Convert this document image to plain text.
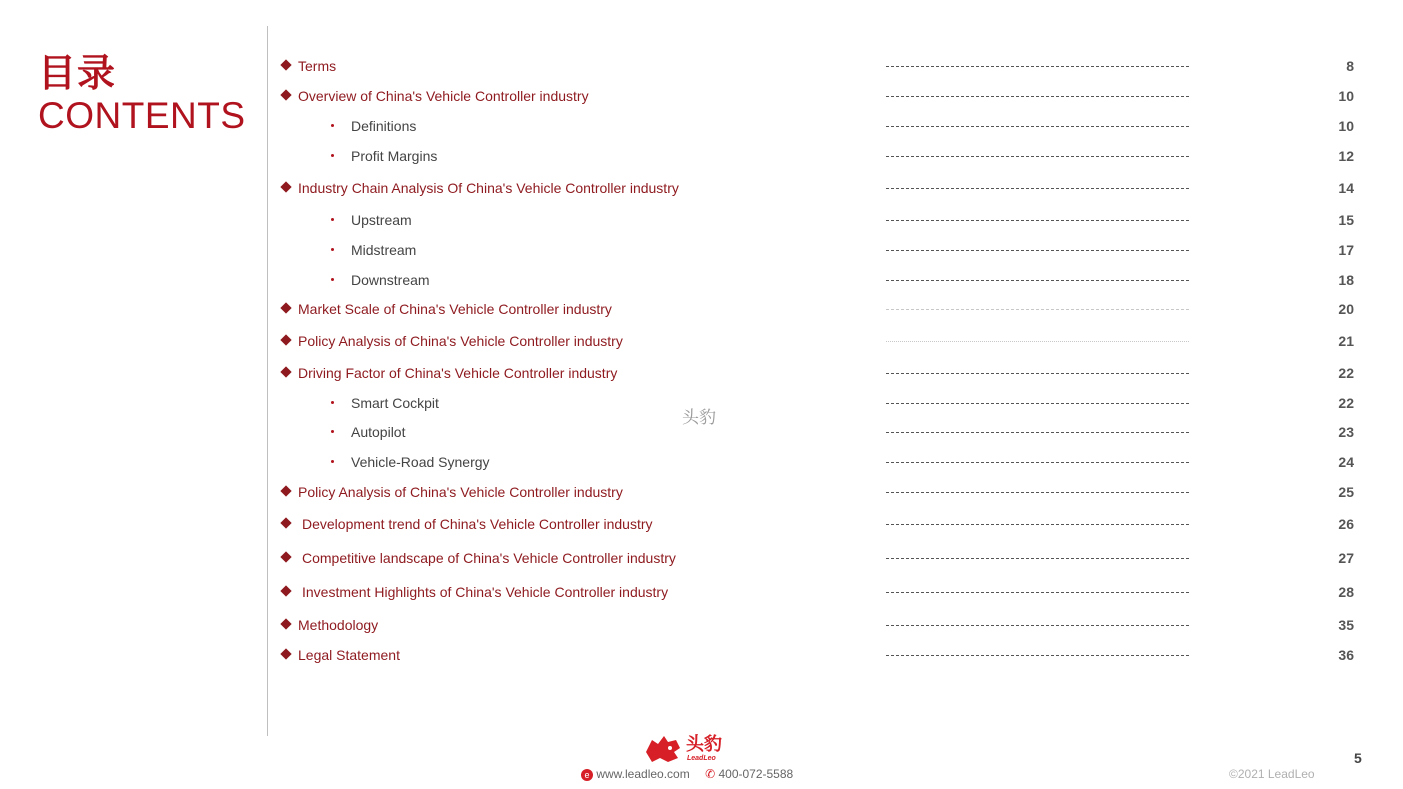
目录
CONTENTS
Terms	8
Overview of China's Vehicle Controller industry	10
Definitions	10
Profit Margins	12
Industry Chain Analysis Of China's Vehicle Controller industry	14
Upstream	15
Midstream	17
Downstream	18
Market Scale of China's Vehicle Controller industry	20
Policy Analysis of China's Vehicle Controller industry	21
Driving Factor of China's Vehicle Controller industry	22
Smart Cockpit	22
Autopilot	23
Vehicle-Road Synergy	24
Policy Analysis of China's Vehicle Controller industry	25
Development trend of China's Vehicle Controller industry	26
Competitive landscape of China's Vehicle Controller industry	27
Investment Highlights of China's Vehicle Controller industry	28
Methodology	35
Legal Statement	36
头豹
头豹
LeadLeo
e www.leadleo.com ✆ 400-072-5588
5
©2021 LeadLeo
